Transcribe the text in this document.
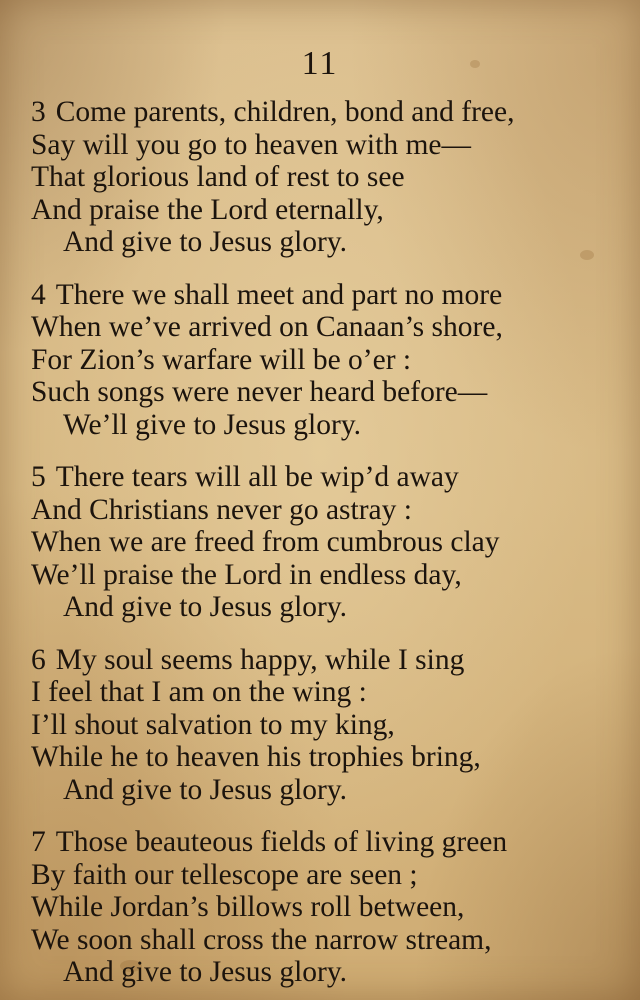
11
3 Come parents, children, bond and free,
Say will you go to heaven with me—
That glorious land of rest to see
And praise the Lord eternally,
And give to Jesus glory.
4 There we shall meet and part no more
When we’ve arrived on Canaan’s shore,
For Zion’s warfare will be o’er :
Such songs were never heard before—
We’ll give to Jesus glory.
5 There tears will all be wip’d away
And Christians never go astray :
When we are freed from cumbrous clay
We’ll praise the Lord in endless day,
And give to Jesus glory.
6 My soul seems happy, while I sing
I feel that I am on the wing :
I’ll shout salvation to my king,
While he to heaven his trophies bring,
And give to Jesus glory.
7 Those beauteous fields of living green
By faith our tellescope are seen ;
While Jordan’s billows roll between,
We soon shall cross the narrow stream,
And give to Jesus glory.
